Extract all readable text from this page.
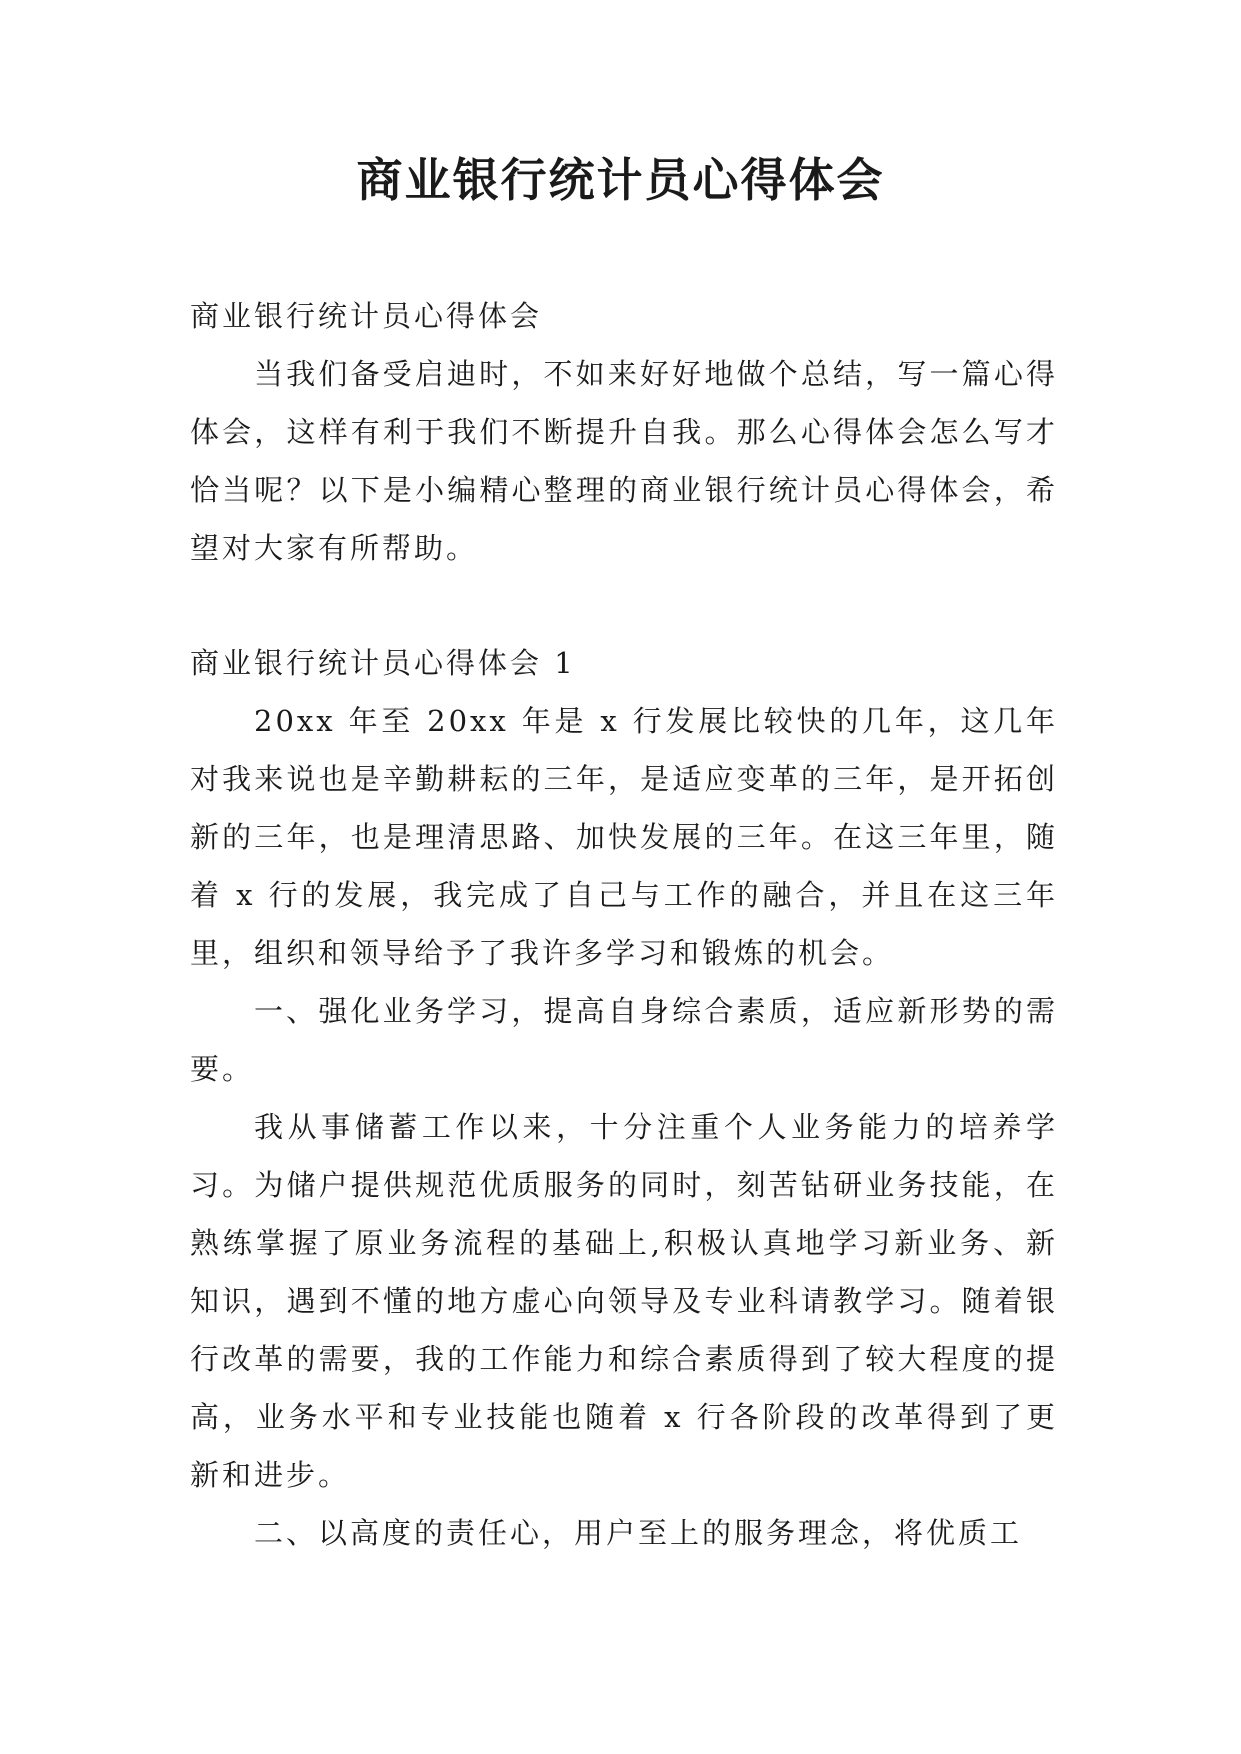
商业银行统计员心得体会

商业银行统计员心得体会

当我们备受启迪时，不如来好好地做个总结，写一篇心得体会，这样有利于我们不断提升自我。那么心得体会怎么写才恰当呢？以下是小编精心整理的商业银行统计员心得体会，希望对大家有所帮助。

商业银行统计员心得体会 1

20xx 年至 20xx 年是 x 行发展比较快的几年，这几年对我来说也是辛勤耕耘的三年，是适应变革的三年，是开拓创新的三年，也是理清思路、加快发展的三年。在这三年里，随着 x 行的发展，我完成了自己与工作的融合，并且在这三年里，组织和领导给予了我许多学习和锻炼的机会。

一、强化业务学习，提高自身综合素质，适应新形势的需要。

我从事储蓄工作以来，十分注重个人业务能力的培养学习。为储户提供规范优质服务的同时，刻苦钻研业务技能，在熟练掌握了原业务流程的基础上,积极认真地学习新业务、新知识，遇到不懂的地方虚心向领导及专业科请教学习。随着银行改革的需要，我的工作能力和综合素质得到了较大程度的提高，业务水平和专业技能也随着 x 行各阶段的改革得到了更新和进步。

二、以高度的责任心，用户至上的服务理念，将优质工
